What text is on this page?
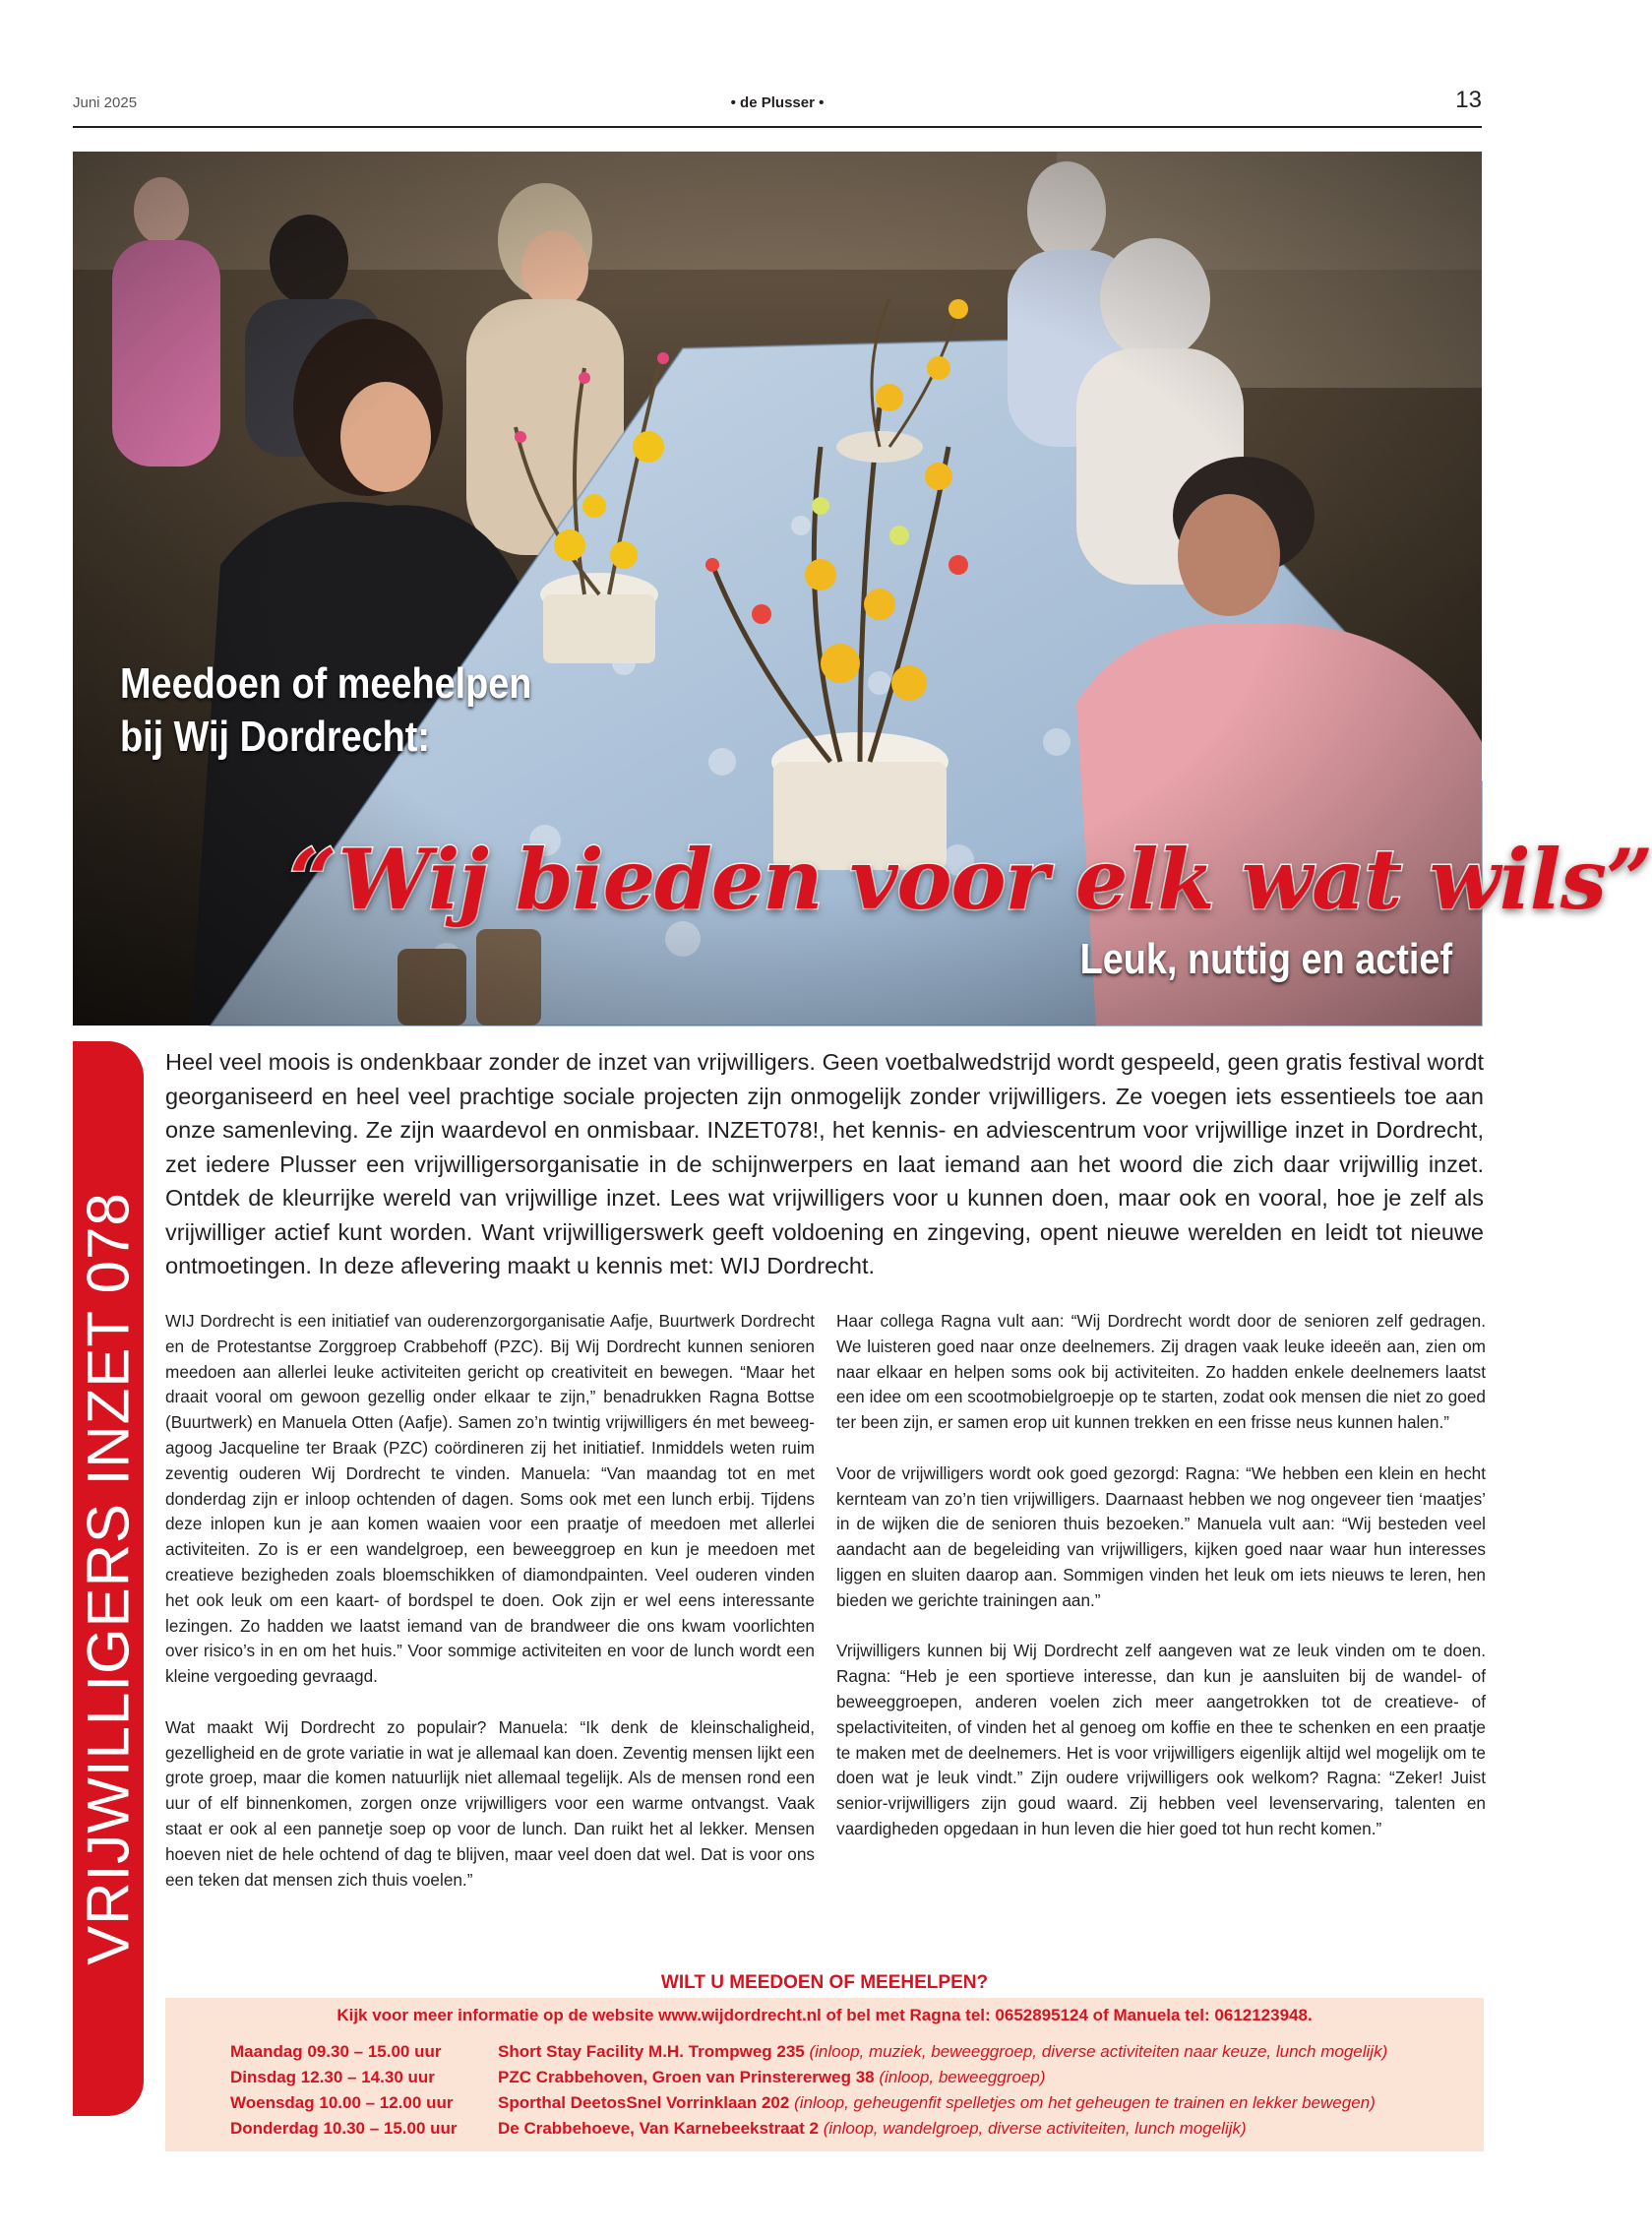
Juni 2025	• de Plusser •	13
Meedoen of meehelpen
bij Wij Dordrecht:
“Wij bieden voor elk wat wils”
Leuk, nuttig en actief
VRIJWILLIGERS INZET 078
Heel veel moois is ondenkbaar zonder de inzet van vrijwilligers. Geen voetbalwedstrijd wordt gespeeld, geen gratis festival wordt georganiseerd en heel veel prachtige sociale projecten zijn onmogelijk zonder vrijwilligers. Ze voegen iets essentieels toe aan onze samenleving. Ze zijn waardevol en onmisbaar. INZET078!, het kennis- en adviescentrum voor vrijwillige inzet in Dordrecht, zet iedere Plusser een vrijwilligersorganisatie in de schijnwerpers en laat iemand aan het woord die zich daar vrijwillig inzet. Ontdek de kleurrijke wereld van vrijwillige inzet. Lees wat vrijwilligers voor u kunnen doen, maar ook en vooral, hoe je zelf als vrijwilliger actief kunt worden. Want vrijwilligerswerk geeft voldoening en zingeving, opent nieuwe werelden en leidt tot nieuwe ontmoetingen. In deze aflevering maakt u kennis met: WIJ Dordrecht.

WIJ Dordrecht is een initiatief van ouderenzorgorganisatie Aafje, Buurtwerk Dordrecht en de Protestantse Zorggroep Crabbehoff (PZC). Bij Wij Dordrecht kunnen senioren meedoen aan allerlei leuke activiteiten gericht op creativiteit en bewegen. “Maar het draait vooral om gewoon gezellig onder elkaar te zijn,” benadrukken Ragna Bottse (Buurtwerk) en Manuela Otten (Aafje). Samen zo’n twintig vrijwilligers én met beweeg-agoog Jacqueline ter Braak (PZC) coördineren zij het initiatief. Inmiddels weten ruim zeventig ouderen Wij Dordrecht te vinden. Manuela: “Van maandag tot en met donderdag zijn er inloop ochtenden of dagen. Soms ook met een lunch erbij. Tijdens deze inlopen kun je aan komen waaien voor een praatje of meedoen met allerlei activiteiten. Zo is er een wandelgroep, een beweeggroep en kun je meedoen met creatieve bezigheden zoals bloemschikken of diamondpainten. Veel ouderen vinden het ook leuk om een kaart- of bordspel te doen. Ook zijn er wel eens interessante lezingen. Zo hadden we laatst iemand van de brandweer die ons kwam voorlichten over risico’s in en om het huis.” Voor sommige activiteiten en voor de lunch wordt een kleine vergoeding gevraagd.

Wat maakt Wij Dordrecht zo populair? Manuela: “Ik denk de kleinschaligheid, gezelligheid en de grote variatie in wat je allemaal kan doen. Zeventig mensen lijkt een grote groep, maar die komen natuurlijk niet allemaal tegelijk. Als de mensen rond een uur of elf binnenkomen, zorgen onze vrijwilligers voor een warme ontvangst. Vaak staat er ook al een pannetje soep op voor de lunch. Dan ruikt het al lekker. Mensen hoeven niet de hele ochtend of dag te blijven, maar veel doen dat wel. Dat is voor ons een teken dat mensen zich thuis voelen.”

Haar collega Ragna vult aan: “Wij Dordrecht wordt door de senioren zelf gedragen. We luisteren goed naar onze deelnemers. Zij dragen vaak leuke ideeën aan, zien om naar elkaar en helpen soms ook bij activiteiten. Zo hadden enkele deelnemers laatst een idee om een scootmobielgroepje op te starten, zodat ook mensen die niet zo goed ter been zijn, er samen erop uit kunnen trekken en een frisse neus kunnen halen.”

Voor de vrijwilligers wordt ook goed gezorgd: Ragna: “We hebben een klein en hecht kernteam van zo’n tien vrijwilligers. Daarnaast hebben we nog ongeveer tien ‘maatjes’ in de wijken die de senioren thuis bezoeken.” Manuela vult aan: “Wij besteden veel aandacht aan de begeleiding van vrijwilligers, kijken goed naar waar hun interesses liggen en sluiten daarop aan. Sommigen vinden het leuk om iets nieuws te leren, hen bieden we gerichte trainingen aan.”

Vrijwilligers kunnen bij Wij Dordrecht zelf aangeven wat ze leuk vinden om te doen. Ragna: “Heb je een sportieve interesse, dan kun je aansluiten bij de wandel- of beweeggroepen, anderen voelen zich meer aangetrokken tot de creatieve- of spelactiviteiten, of vinden het al genoeg om koffie en thee te schenken en een praatje te maken met de deelnemers. Het is voor vrijwilligers eigenlijk altijd wel mogelijk om te doen wat je leuk vindt.” Zijn oudere vrijwilligers ook welkom? Ragna: “Zeker! Juist senior-vrijwilligers zijn goud waard. Zij hebben veel levenservaring, talenten en vaardigheden opgedaan in hun leven die hier goed tot hun recht komen.”

WILT U MEEDOEN OF MEEHELPEN?
Kijk voor meer informatie op de website www.wijdordrecht.nl of bel met Ragna tel: 0652895124 of Manuela tel: 0612123948.
Maandag 09.30 – 15.00 uur	Short Stay Facility M.H. Trompweg 235 (inloop, muziek, beweeggroep, diverse activiteiten naar keuze, lunch mogelijk)
Dinsdag 12.30 – 14.30 uur	PZC Crabbehoven, Groen van Prinstererweg 38 (inloop, beweeggroep)
Woensdag 10.00 – 12.00 uur	Sporthal DeetosSnel Vorrinklaan 202 (inloop, geheugenfit spelletjes om het geheugen te trainen en lekker bewegen)
Donderdag 10.30 – 15.00 uur De Crabbehoeve, Van Karnebeekstraat 2 (inloop, wandelgroep, diverse activiteiten, lunch mogelijk)
